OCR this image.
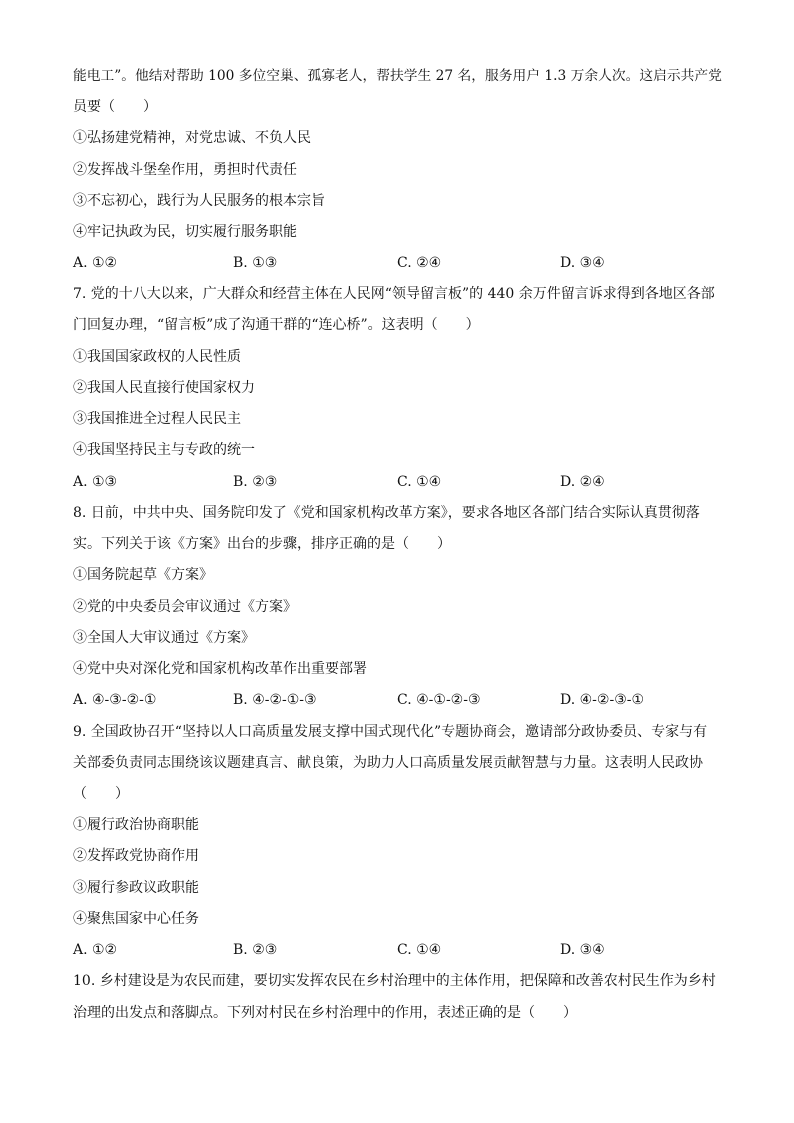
能电工”。他结对帮助 100 多位空巢、孤寡老人，帮扶学生 27 名，服务用户 1.3 万余人次。这启示共产党
员要（　　）
①弘扬建党精神，对党忠诚、不负人民
②发挥战斗堡垒作用，勇担时代责任
③不忘初心，践行为人民服务的根本宗旨
④牢记执政为民，切实履行服务职能
A. ①②	B. ①③	C. ②④	D. ③④
7. 党的十八大以来，广大群众和经营主体在人民网“领导留言板”的 440 余万件留言诉求得到各地区各部
门回复办理，“留言板”成了沟通干群的“连心桥”。这表明（　　）
①我国国家政权的人民性质
②我国人民直接行使国家权力
③我国推进全过程人民民主
④我国坚持民主与专政的统一
A. ①③	B. ②③	C. ①④	D. ②④
8. 日前，中共中央、国务院印发了《党和国家机构改革方案》，要求各地区各部门结合实际认真贯彻落
实。下列关于该《方案》出台的步骤，排序正确的是（　　）
①国务院起草《方案》
②党的中央委员会审议通过《方案》
③全国人大审议通过《方案》
④党中央对深化党和国家机构改革作出重要部署
A. ④-③-②-①	B. ④-②-①-③	C. ④-①-②-③	D. ④-②-③-①
9. 全国政协召开“坚持以人口高质量发展支撑中国式现代化”专题协商会，邀请部分政协委员、专家与有
关部委负责同志围绕该议题建真言、献良策，为助力人口高质量发展贡献智慧与力量。这表明人民政协
（　　）
①履行政治协商职能
②发挥政党协商作用
③履行参政议政职能
④聚焦国家中心任务
A. ①②	B. ②③	C. ①④	D. ③④
10. 乡村建设是为农民而建，要切实发挥农民在乡村治理中的主体作用，把保障和改善农村民生作为乡村
治理的出发点和落脚点。下列对村民在乡村治理中的作用，表述正确的是（　　）
